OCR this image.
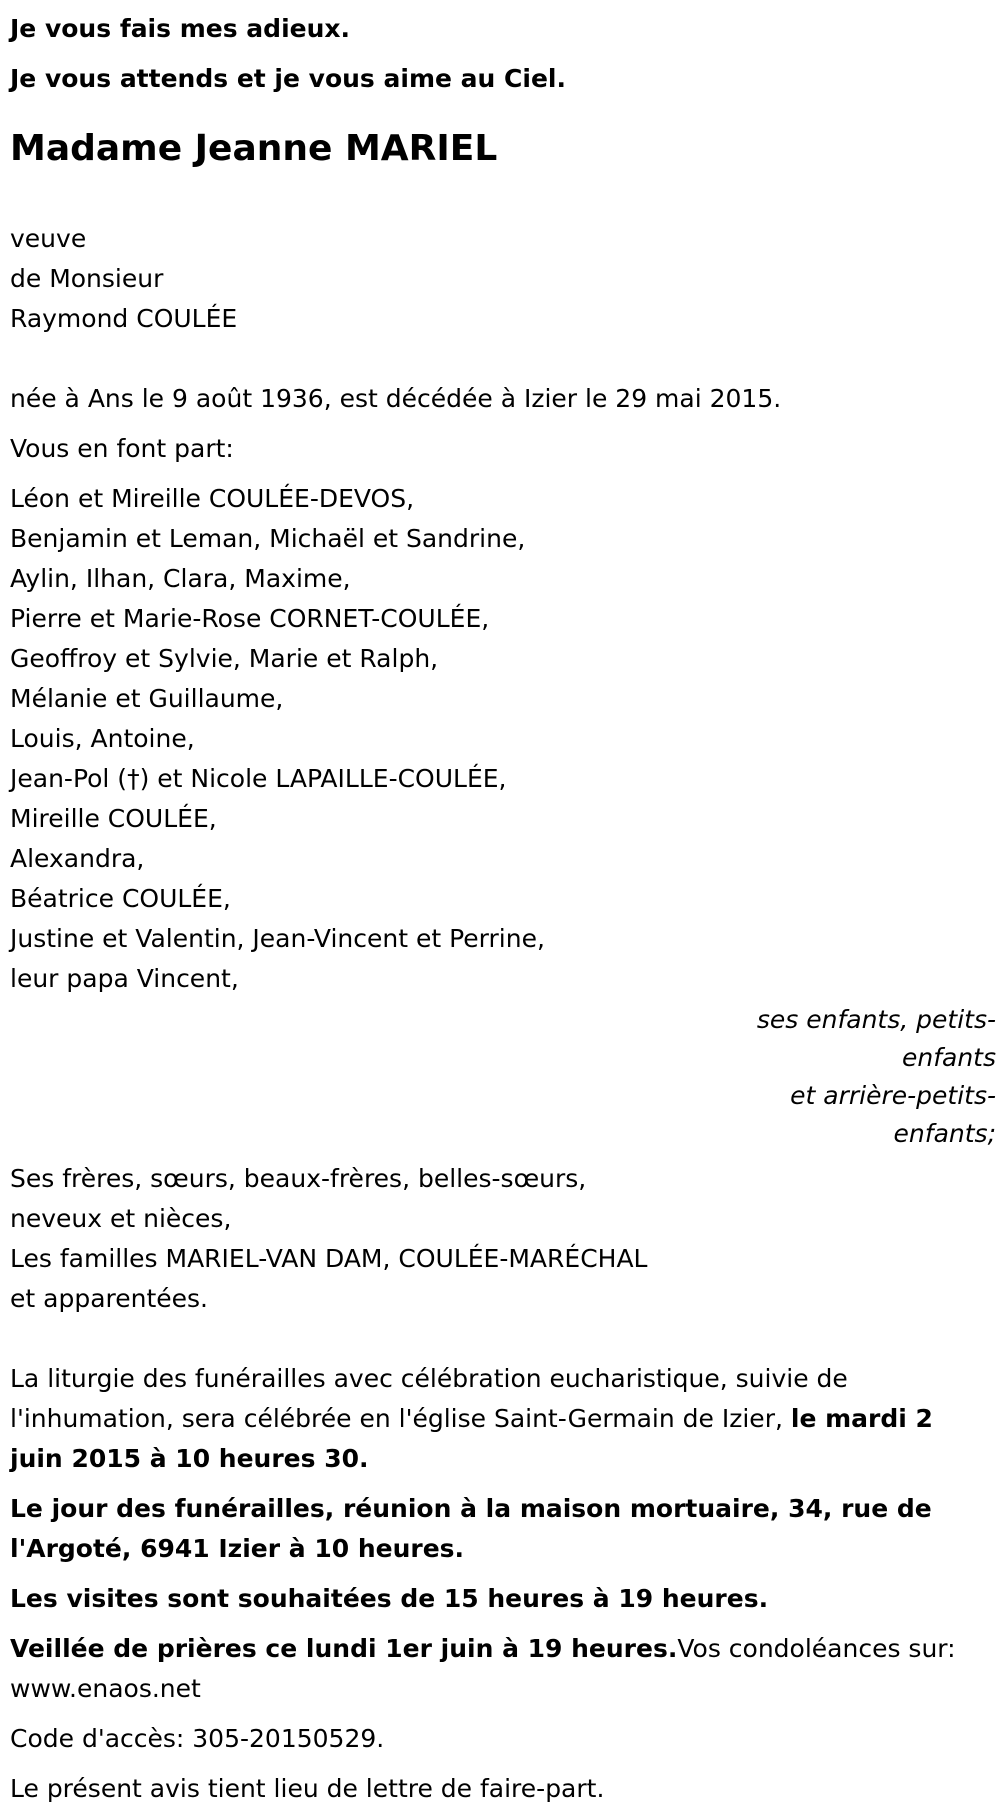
Je vous fais mes adieux.

Je vous attends et je vous aime au Ciel.

Madame Jeanne MARIEL
veuve
de Monsieur
Raymond COULÉE

née à Ans le 9 août 1936, est décédée à Izier le 29 mai 2015.

Vous en font part:

Léon et Mireille COULÉE-DEVOS,
Benjamin et Leman, Michaël et Sandrine,
Aylin, Ilhan, Clara, Maxime,
Pierre et Marie-Rose CORNET-COULÉE,
Geoffroy et Sylvie, Marie et Ralph,
Mélanie et Guillaume,
Louis, Antoine,
Jean-Pol (†) et Nicole LAPAILLE-COULÉE,
Mireille COULÉE,
Alexandra,
Béatrice COULÉE,
Justine et Valentin, Jean-Vincent et Perrine,
leur papa Vincent,
ses enfants, petits-
enfants
et arrière-petits-
enfants;
Ses frères, sœurs, beaux-frères, belles-sœurs,
neveux et nièces,
Les familles MARIEL-VAN DAM, COULÉE-MARÉCHAL
et apparentées.

La liturgie des funérailles avec célébration eucharistique, suivie de l'inhumation, sera célébrée en l'église Saint-Germain de Izier, le mardi 2 juin 2015 à 10 heures 30.

Le jour des funérailles, réunion à la maison mortuaire, 34, rue de l'Argoté, 6941 Izier à 10 heures.

Les visites sont souhaitées de 15 heures à 19 heures.

Veillée de prières ce lundi 1er juin à 19 heures.Vos condoléances sur: www.enaos.net

Code d'accès: 305-20150529.

Le présent avis tient lieu de lettre de faire-part.
